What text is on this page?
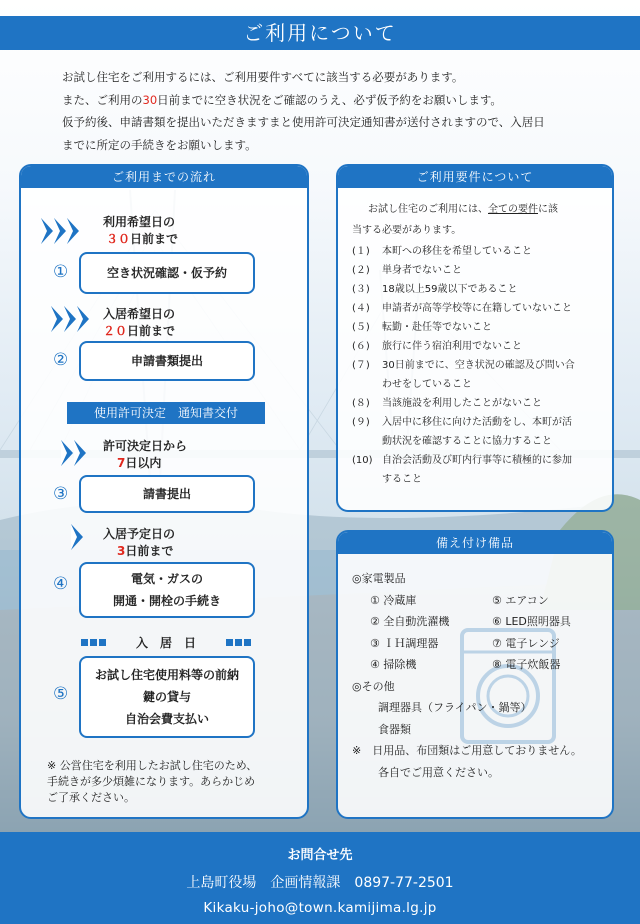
ご利用について
お試し住宅をご利用するには、ご利用要件すべてに該当する必要があります。
また、ご利用の30日前までに空き状況をご確認のうえ、必ず仮予約をお願いします。
仮予約後、申請書類を提出いただきますまと使用許可決定通知書が送付されますので、入居日
までに所定の手続きをお願いします。
ご利用までの流れ
利用希望日の
３０日前まで
①	空き状況確認・仮予約
入居希望日の
２０日前まで
②	申請書類提出
使用許可決定　通知書交付
許可決定日から
7日以内
③	請書提出
入居予定日の
3日前まで
④	電気・ガスの
開通・開栓の手続き
入　居　日
⑤
お試し住宅使用料等の前納
鍵の貸与
自治会費支払い
※ 公営住宅を利用したお試し住宅のため、
手続きが多少煩雑になります。あらかじめ
ご了承ください。
ご利用要件について
お試し住宅のご利用には、全ての要件に該
当する必要があります。
(１)	本町への移住を希望していること
(２)	単身者でないこと
(３)	18歳以上59歳以下であること
(４)	申請者が高等学校等に在籍していないこと
(５)	転勤・赴任等でないこと
(６)	旅行に伴う宿泊利用でないこと
(７)	30日前までに、空き状況の確認及び問い合
わせをしていること
(８)	当該施設を利用したことがないこと
(９)	入居中に移住に向けた活動をし、本町が活
動状況を確認することに協力すること
(10) 自治会活動及び町内行事等に積極的に参加
すること
備え付け備品
◎家電製品
① 冷蔵庫	⑤ エアコン
② 全自動洗濯機	⑥ LED照明器具
③ ＩＨ調理器	⑦ 電子レンジ
④ 掃除機	⑧ 電子炊飯器
◎その他
調理器具（フライパン・鍋等）
食器類
※　日用品、布団類はご用意しておりません。
各自でご用意ください。
お問合せ先
上島町役場　企画情報課　0897-77-2501
Kikaku-joho@town.kamijima.lg.jp
